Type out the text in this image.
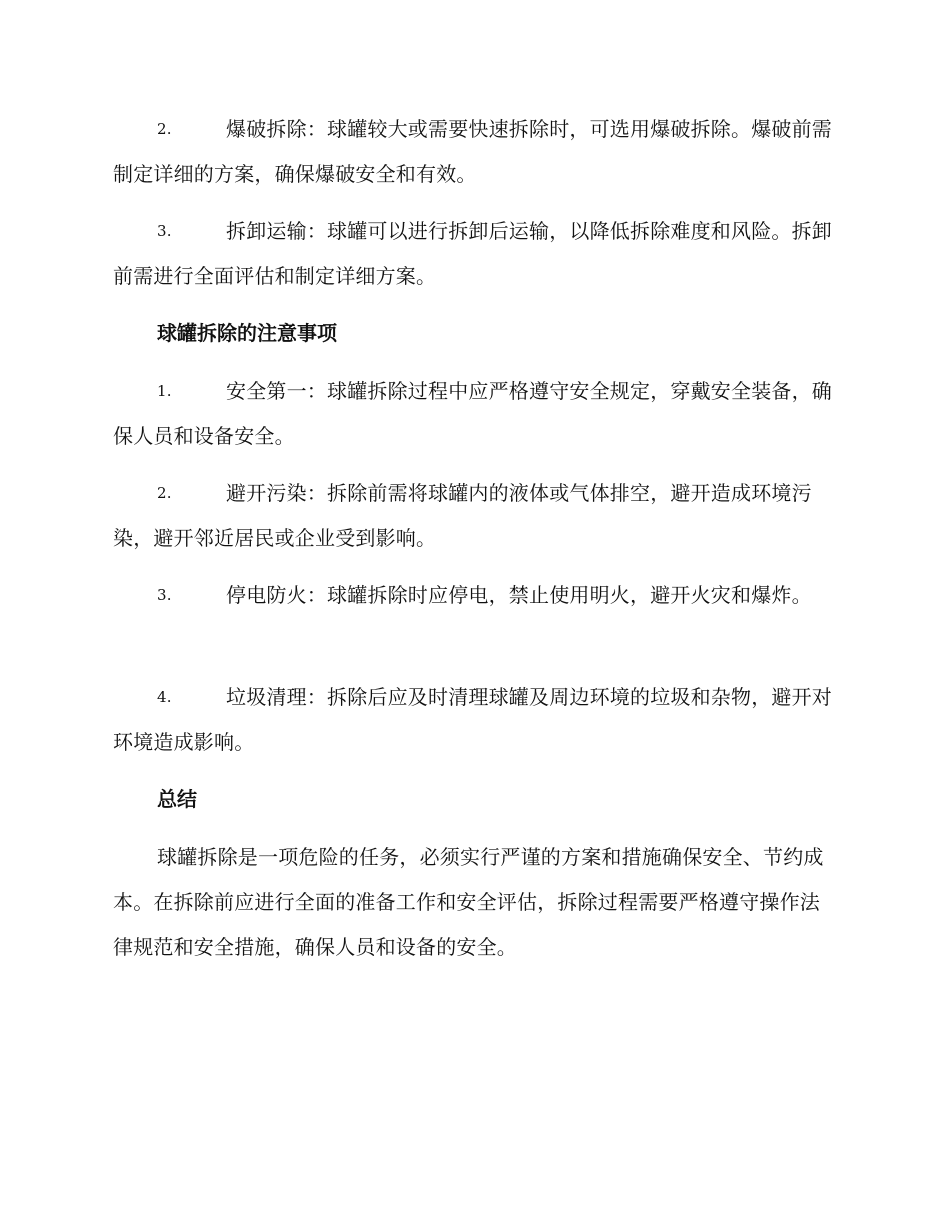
2.	爆破拆除：球罐较大或需要快速拆除时，可选用爆破拆除。爆破前需制定详细的方案，确保爆破安全和有效。
3.	拆卸运输：球罐可以进行拆卸后运输，以降低拆除难度和风险。拆卸前需进行全面评估和制定详细方案。
球罐拆除的注意事项
1.	安全第一：球罐拆除过程中应严格遵守安全规定，穿戴安全装备，确保人员和设备安全。
2.	避开污染：拆除前需将球罐内的液体或气体排空，避开造成环境污染，避开邻近居民或企业受到影响。
3.	停电防火：球罐拆除时应停电，禁止使用明火，避开火灾和爆炸。
4.	垃圾清理：拆除后应及时清理球罐及周边环境的垃圾和杂物，避开对环境造成影响。
总结
球罐拆除是一项危险的任务，必须实行严谨的方案和措施确保安全、节约成本。在拆除前应进行全面的准备工作和安全评估，拆除过程需要严格遵守操作法律规范和安全措施，确保人员和设备的安全。
